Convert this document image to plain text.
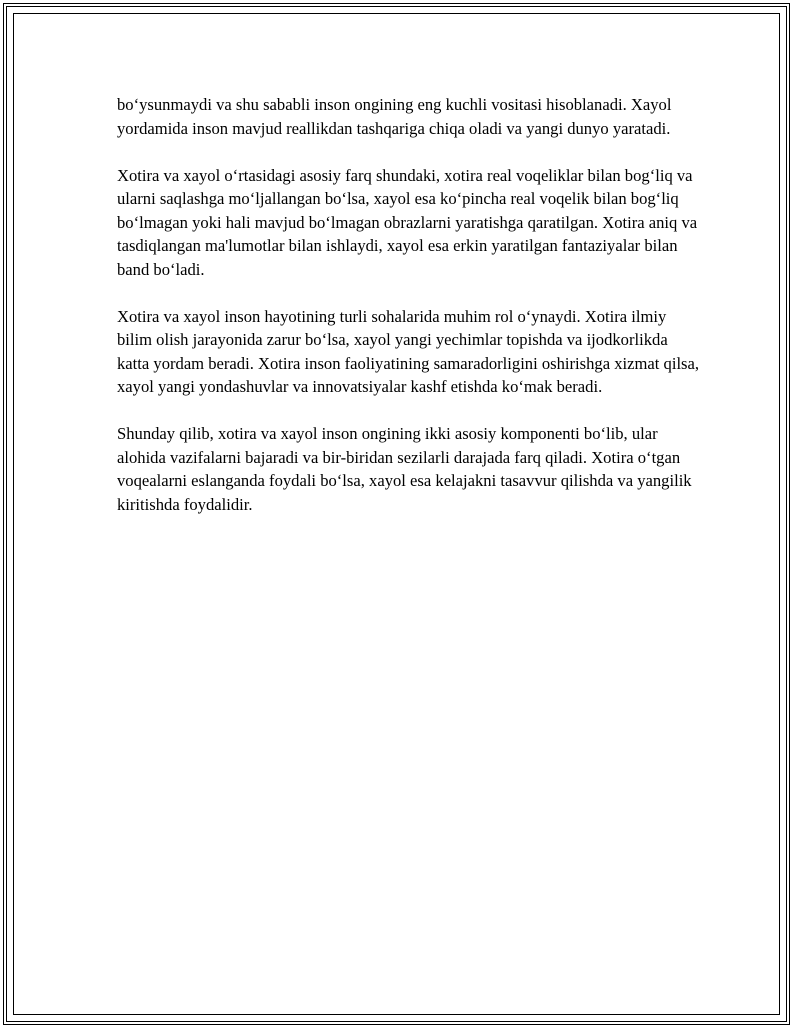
bo‘ysunmaydi va shu sababli inson ongining eng kuchli vositasi hisoblanadi. Xayol yordamida inson mavjud reallikdan tashqariga chiqa oladi va yangi dunyo yaratadi.

Xotira va xayol o‘rtasidagi asosiy farq shundaki, xotira real voqeliklar bilan bog‘liq va ularni saqlashga mo‘ljallangan bo‘lsa, xayol esa ko‘pincha real voqelik bilan bog‘liq bo‘lmagan yoki hali mavjud bo‘lmagan obrazlarni yaratishga qaratilgan. Xotira aniq va tasdiqlangan ma'lumotlar bilan ishlaydi, xayol esa erkin yaratilgan fantaziyalar bilan band bo‘ladi.

Xotira va xayol inson hayotining turli sohalarida muhim rol o‘ynaydi. Xotira ilmiy bilim olish jarayonida zarur bo‘lsa, xayol yangi yechimlar topishda va ijodkorlikda katta yordam beradi. Xotira inson faoliyatining samaradorligini oshirishga xizmat qilsa, xayol yangi yondashuvlar va innovatsiyalar kashf etishda ko‘mak beradi.

Shunday qilib, xotira va xayol inson ongining ikki asosiy komponenti bo‘lib, ular alohida vazifalarni bajaradi va bir-biridan sezilarli darajada farq qiladi. Xotira o‘tgan voqealarni eslanganda foydali bo‘lsa, xayol esa kelajakni tasavvur qilishda va yangilik kiritishda foydalidir.
